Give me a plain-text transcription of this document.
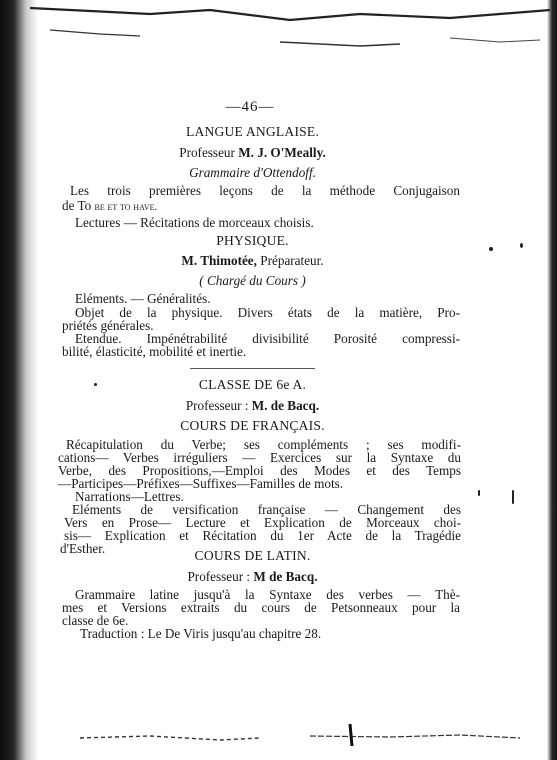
—46—
LANGUE ANGLAISE.
Professeur M. J. O'Meally.
Grammaire d'Ottendoff.
Les trois premières leçons de la méthode Conjugaison
de To be et to have.
Lectures — Récitations de morceaux choisis.
PHYSIQUE.
M. Thimotée, Préparateur.
( Chargé du Cours )
Eléments. — Généralités.
Objet de la physique. Divers états de la matière, Pro-
priétés générales.
Etendue. Impénétrabilité divisibilité Porosité compressi-
bilité, élasticité, mobilité et inertie.
CLASSE DE 6e A.
Professeur : M. de Bacq.
COURS DE FRANÇAIS.
Récapitulation du Verbe; ses compléments ; ses modifi-
cations— Verbes irréguliers — Exercices sur la Syntaxe du
Verbe, des Propositions,—Emploi des Modes et des Temps
—Participes—Préfixes—Suffixes—Familles de mots.
Narrations—Lettres.
Eléments de versification française — Changement des
Vers en Prose— Lecture et Explication de Morceaux choi-
sis— Explication et Récitation du 1er Acte de la Tragédie
d'Esther.	COURS DE LATIN.
Professeur : M de Bacq.
Grammaire latine jusqu'à la Syntaxe des verbes — Thè-
mes et Versions extraits du cours de Petsonneaux pour la
classe de 6e.
Traduction : Le De Viris jusqu'au chapitre 28.
